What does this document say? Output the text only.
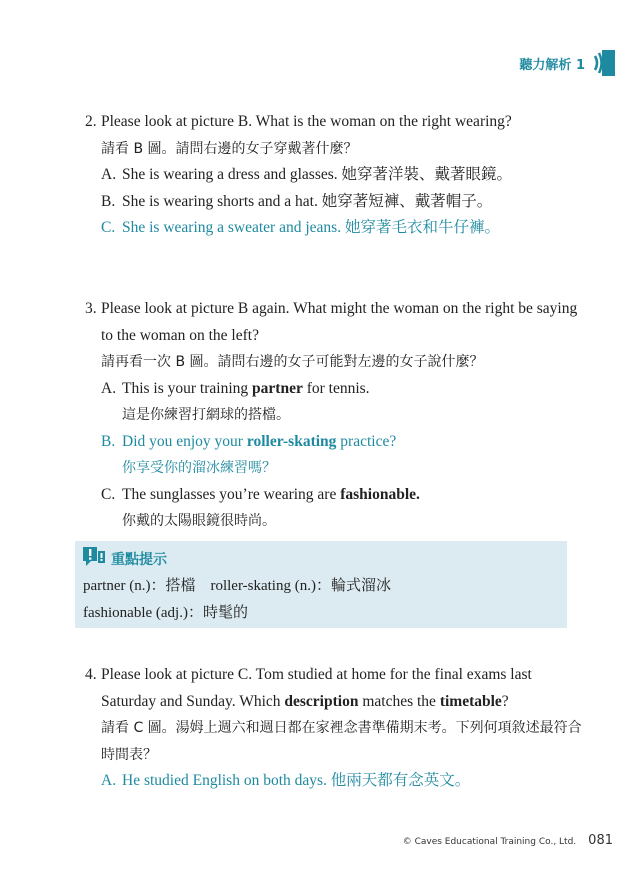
聽力解析 1
2. Please look at picture B. What is the woman on the right wearing?
請看 B 圖。請問右邊的女子穿戴著什麼？
A. She is wearing a dress and glasses. 她穿著洋裝、戴著眼鏡。
B. She is wearing shorts and a hat. 她穿著短褲、戴著帽子。
C. She is wearing a sweater and jeans. 她穿著毛衣和牛仔褲。
3. Please look at picture B again. What might the woman on the right be saying to the woman on the left?
請再看一次 B 圖。請問右邊的女子可能對左邊的女子說什麼？
A. This is your training partner for tennis.
這是你練習打網球的搭檔。
B. Did you enjoy your roller-skating practice?
你享受你的溜冰練習嗎？
C. The sunglasses you’re wearing are fashionable.
你戴的太陽眼鏡很時尚。
重點提示
partner (n.)：搭檔　roller-skating (n.)：輪式溜冰
fashionable (adj.)：時髦的
4. Please look at picture C. Tom studied at home for the final exams last Saturday and Sunday. Which description matches the timetable?
請看 C 圖。湯姆上週六和週日都在家裡念書準備期末考。下列何項敘述最符合時間表？
A. He studied English on both days. 他兩天都有念英文。
© Caves Educational Training Co., Ltd. 081
